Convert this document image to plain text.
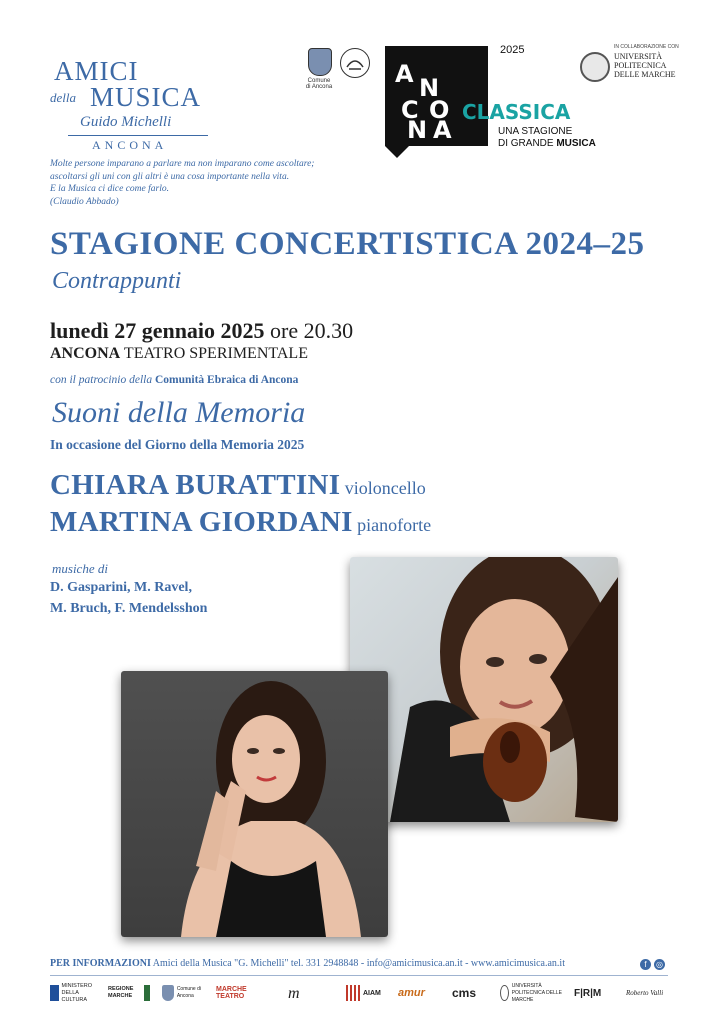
AMICI
della MUSICA
Guido Michelli
ANCONA
Molte persone imparano a parlare ma non imparano come ascoltare;
ascoltarsi gli uni con gli altri è una cosa importante nella vita.
E la Musica ci dice come farlo.
(Claudio Abbado)
Comune di Ancona	A N
C O
N A
2025
CLASSICA
UNA STAGIONE
DI GRANDE MUSICA
IN COLLABORAZIONE CON
UNIVERSITÀ
POLITECNICA
DELLE MARCHE
STAGIONE CONCERTISTICA 2024–25
Contrappunti
lunedì 27 gennaio 2025 ore 20.30
ANCONA TEATRO SPERIMENTALE
con il patrocinio della Comunità Ebraica di Ancona
Suoni della Memoria
In occasione del Giorno della Memoria 2025
CHIARA BURATTINI violoncello
MARTINA GIORDANI pianoforte
musiche di
D. Gasparini, M. Ravel,
M. Bruch, F. Mendelsshon
PER INFORMAZIONI Amici della Musica "G. Michelli" tel. 331 2948848 - info@amicimusica.an.it - www.amicimusica.an.it	f	◎
MINISTERO DELLA CULTURA
REGIONE MARCHE
Comune di Ancona
MARCHE TEATRO	m	AIAM amur cms	UNIVERSITÀ POLITECNICA DELLE MARCHE
F|R|M	Roberto Valli
